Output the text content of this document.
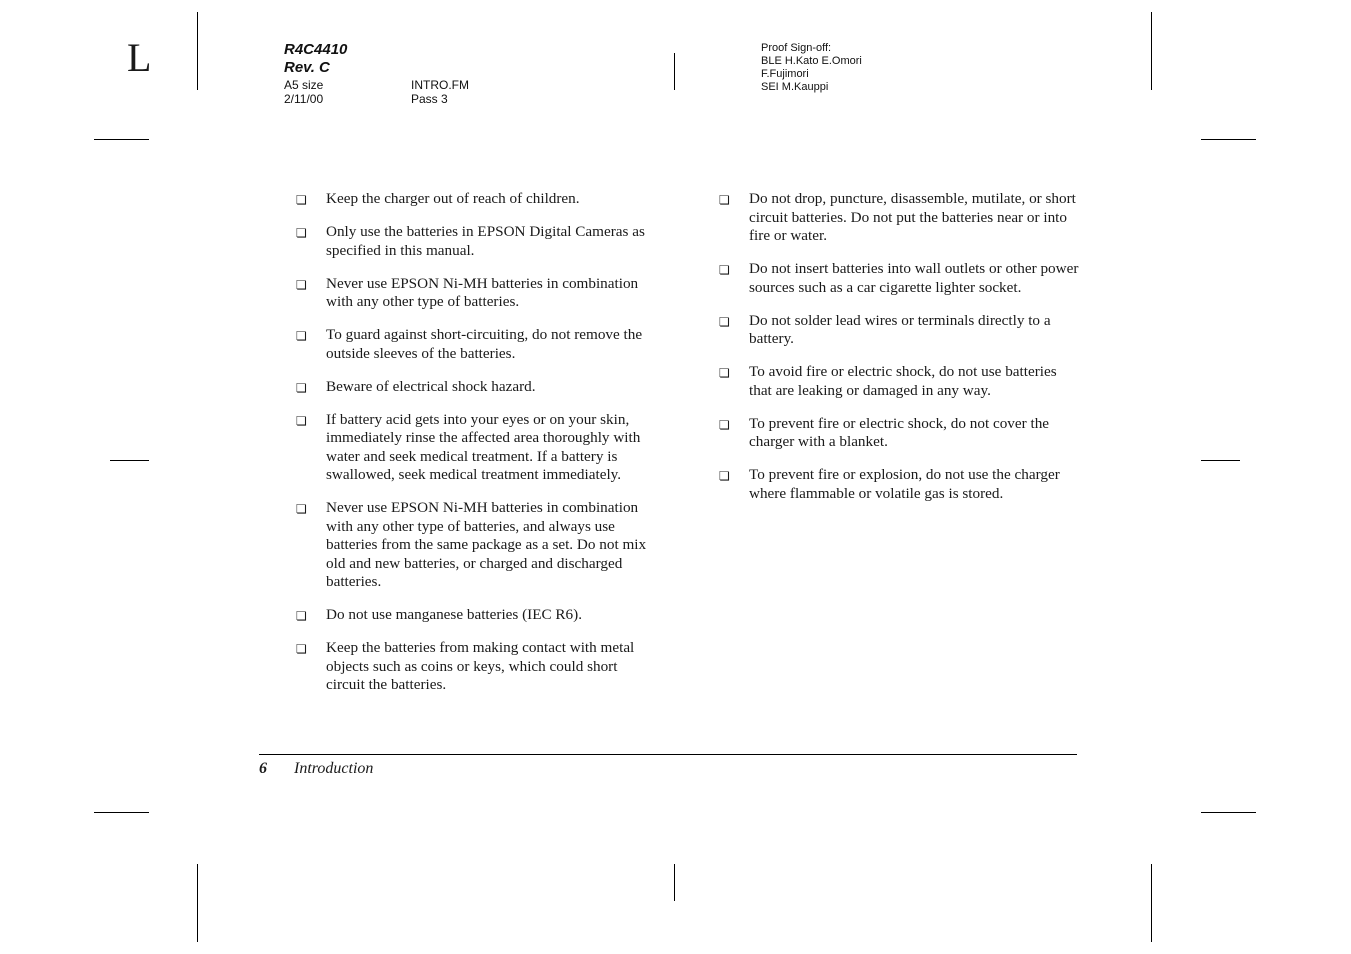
L	R4C4410
Rev. C
A5 size	INTRO.FM
2/11/00	Pass 3
Proof Sign-off:
BLE H.Kato E.Omori
F.Fujimori
SEI M.Kauppi
❏ Keep the charger out of reach of children.
❏ Only use the batteries in EPSON Digital Cameras as specified in this manual.
❏ Never use EPSON Ni-MH batteries in combination with any other type of batteries.
❏ To guard against short-circuiting, do not remove the outside sleeves of the batteries.
❏ Beware of electrical shock hazard.
❏ If battery acid gets into your eyes or on your skin, immediately rinse the affected area thoroughly with water and seek medical treatment. If a battery is swallowed, seek medical treatment immediately.
❏ Never use EPSON Ni-MH batteries in combination with any other type of batteries, and always use batteries from the same package as a set. Do not mix old and new batteries, or charged and discharged batteries.
❏ Do not use manganese batteries (IEC R6).
❏ Keep the batteries from making contact with metal objects such as coins or keys, which could short circuit the batteries.
❏ Do not drop, puncture, disassemble, mutilate, or short circuit batteries. Do not put the batteries near or into fire or water.
❏ Do not insert batteries into wall outlets or other power sources such as a car cigarette lighter socket.
❏ Do not solder lead wires or terminals directly to a battery.
❏ To avoid fire or electric shock, do not use batteries that are leaking or damaged in any way.
❏ To prevent fire or electric shock, do not cover the charger with a blanket.
❏ To prevent fire or explosion, do not use the charger where flammable or volatile gas is stored.
6 Introduction
